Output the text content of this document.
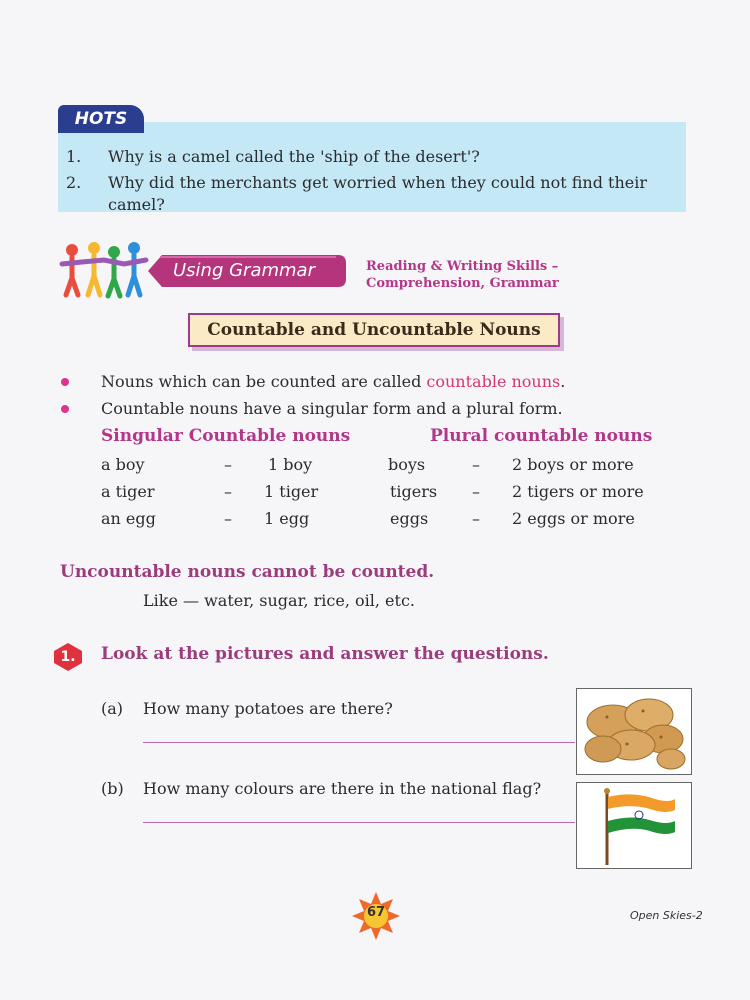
HOTS
1. Why is a camel called the 'ship of the desert'?
2. Why did the merchants get worried when they could not find their
camel?
Using Grammar	Reading & Writing Skills –
Comprehension, Grammar
Countable and Uncountable Nouns
Nouns which can be counted are called countable nouns.
Countable nouns have a singular form and a plural form.
Singular Countable nouns	Plural countable nouns
a boy	– 1 boy	boys	– 2 boys or more
a tiger	– 1 tiger	tigers – 2 tigers or more
an egg	– 1 egg	eggs	– 2 eggs or more
Uncountable nouns cannot be counted.
Like — water, sugar, rice, oil, etc.
1.	Look at the pictures and answer the questions.
(a) How many potatoes are there?
(b) How many colours are there in the national flag?
67	Open Skies-2
